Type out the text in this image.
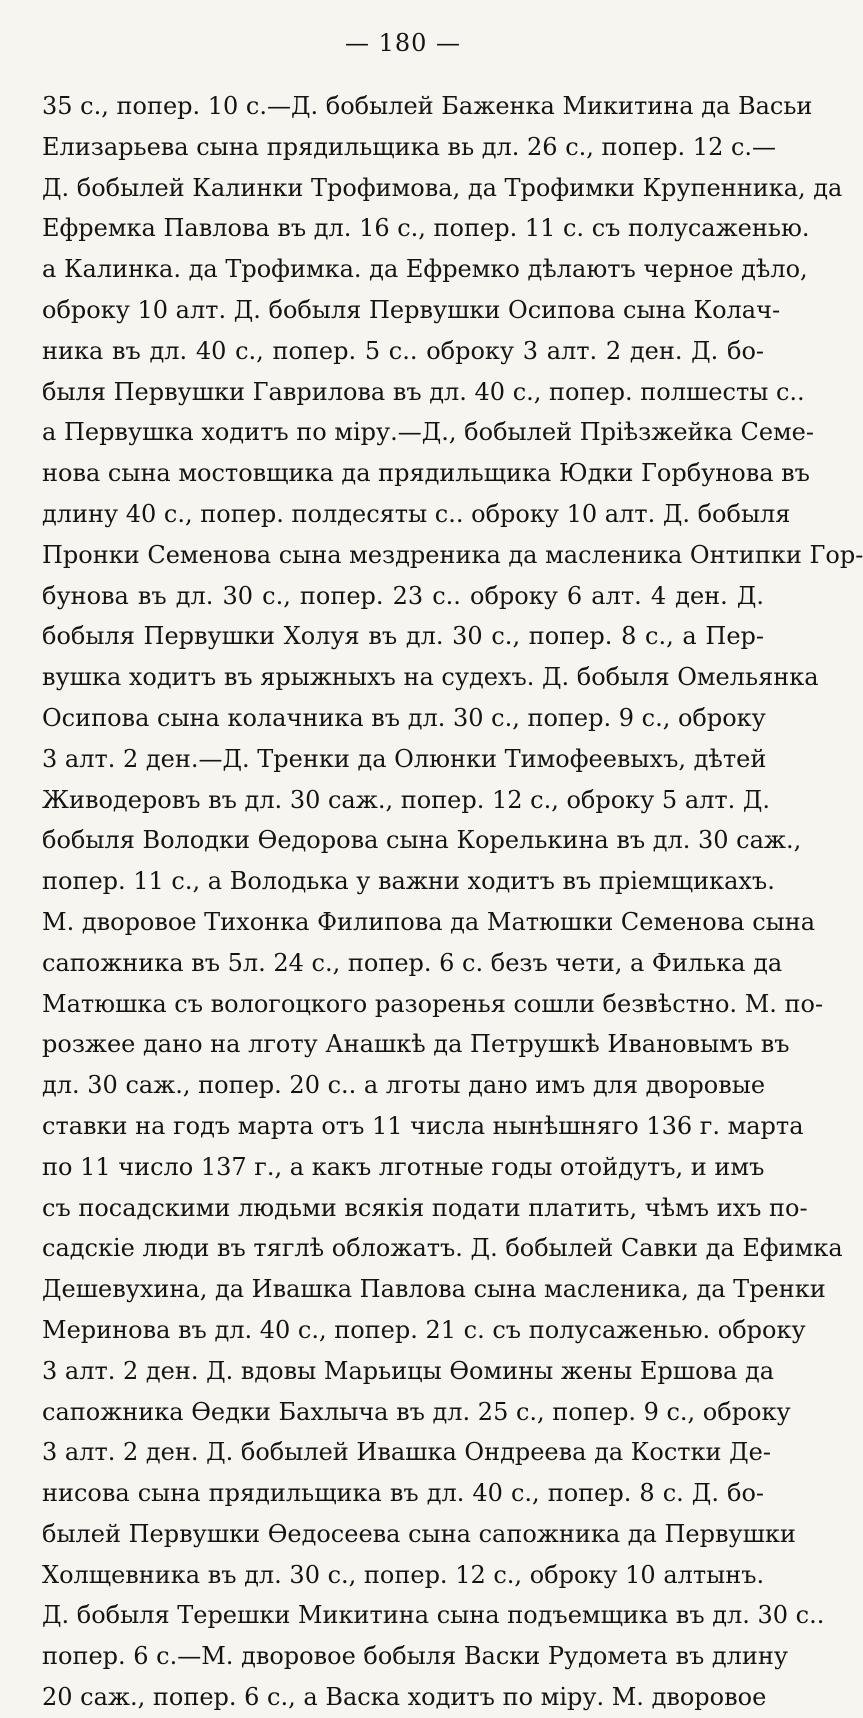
— 180 —
35 с., попер. 10 с.—Д. бобылей Баженка Микитина да Васьи
Елизарьева сына прядильщика вь дл. 26 с., попер. 12 с.—
Д. бобылей Калинки Трофимова, да Трофимки Крупенника, да
Ефремка Павлова въ дл. 16 с., попер. 11 с. съ полусаженью.
а Калинка. да Трофимка. да Ефремко дѣлаютъ черное дѣло,
оброку 10 алт. Д. бобыля Первушки Осипова сына Колач-
ника въ дл. 40 с., попер. 5 с.. оброку 3 алт. 2 ден. Д. бо-
быля Первушки Гаврилова въ дл. 40 с., попер. полшесты с..
а Первушка ходитъ по міру.—Д., бобылей Пріѣзжейка Семе-
нова сына мостовщика да прядильщика Юдки Горбунова въ
длину 40 с., попер. полдесяты с.. оброку 10 алт. Д. бобыля
Пронки Семенова сына мездреника да масленика Онтипки Гор-
бунова въ дл. 30 с., попер. 23 с.. оброку 6 алт. 4 ден. Д.
бобыля Первушки Холуя въ дл. 30 с., попер. 8 с., а Пер-
вушка ходитъ въ ярыжныхъ на судехъ. Д. бобыля Омельянка
Осипова сына колачника въ дл. 30 с., попер. 9 с., оброку
3 алт. 2 ден.—Д. Тренки да Олюнки Тимофеевыхъ, дѣтей
Живодеровъ въ дл. 30 саж., попер. 12 с., оброку 5 алт. Д.
бобыля Володки Өедорова сына Корелькина въ дл. 30 саж.,
попер. 11 с., а Володька у важни ходитъ въ пріемщикахъ.
М. дворовое Тихонка Филипова да Матюшки Семенова сына
сапожника въ 5л. 24 с., попер. 6 с. безъ чети, а Филька да
Матюшка съ вологоцкого разоренья сошли безвѣстно. М. по-
розжее дано на лготу Анашкѣ да Петрушкѣ Ивановымъ въ
дл. 30 саж., попер. 20 с.. а лготы дано имъ для дворовые
ставки на годъ марта отъ 11 числа нынѣшняго 136 г. марта
по 11 число 137 г., а какъ лготные годы отойдутъ, и имъ
съ посадскими людьми всякія подати платить, чѣмъ ихъ по-
садскіе люди въ тяглѣ обложатъ. Д. бобылей Савки да Ефимка
Дешевухина, да Ивашка Павлова сына масленика, да Тренки
Меринова въ дл. 40 с., попер. 21 с. съ полусаженью. оброку
3 алт. 2 ден. Д. вдовы Марьицы Өомины жены Ершова да
сапожника Өедки Бахлыча въ дл. 25 с., попер. 9 с., оброку
3 алт. 2 ден. Д. бобылей Ивашка Ондреева да Костки Де-
нисова сына прядильщика въ дл. 40 с., попер. 8 с. Д. бо-
былей Первушки Өедосеева сына сапожника да Первушки
Холщевника въ дл. 30 с., попер. 12 с., оброку 10 алтынъ.
Д. бобыля Терешки Микитина сына подъемщика въ дл. 30 с..
попер. 6 с.—М. дворовое бобыля Васки Рудомета въ длину
20 саж., попер. 6 с., а Васка ходитъ по міру. М. дворовое
